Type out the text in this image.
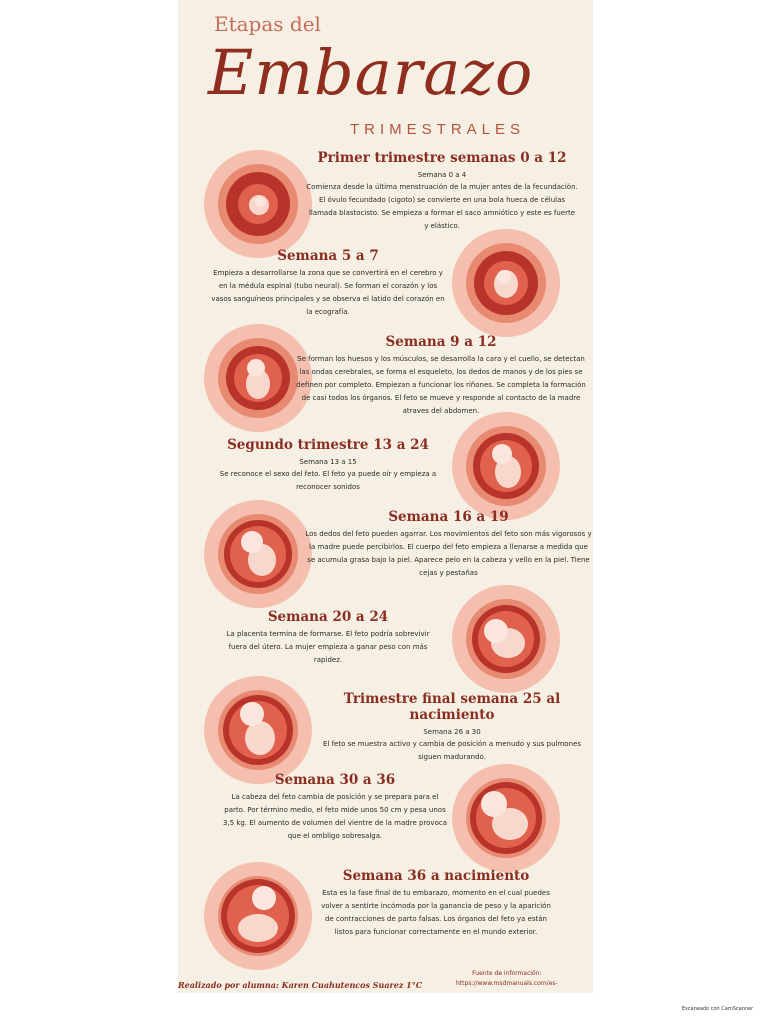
Etapas del
Embarazo
TRIMESTRALES
Primer trimestre semanas 0 a 12
Semana 0 a 4

Comienza desde la última menstruación de la mujer antes de la fecundación. El óvulo fecundado (cigoto) se convierte en una bola hueca de células llamada blastocisto. Se empieza a formar el saco amniótico y este es fuerte y elástico.

Semana 5 a 7

Empieza a desarrollarse la zona que se convertirá en el cerebro y en la médula espinal (tubo neural). Se forman el corazón y los vasos sanguíneos principales y se observa el latido del corazón en la ecografía.

Semana 9 a 12

Se forman los huesos y los músculos, se desarrolla la cara y el cuello, se detectan las ondas cerebrales, se forma el esqueleto, los dedos de manos y de los pies se definen por completo. Empiezan a funcionar los riñones. Se completa la formación de casi todos los órganos. El feto se mueve y responde al contacto de la madre atraves del abdomen.

Segundo trimestre 13 a 24
Semana 13 a 15

Se reconoce el sexo del feto. El feto ya puede oír y empieza a reconocer sonidos

Semana 16 a 19

Los dedos del feto pueden agarrar. Los movimientos del feto son más vigorosos y la madre puede percibirlos. El cuerpo del feto empieza a llenarse a medida que se acumula grasa bajo la piel. Aparece pelo en la cabeza y vello en la piel. Tiene cejas y pestañas

Semana 20 a 24

La placenta termina de formarse. El feto podría sobrevivir fuera del útero. La mujer empieza a ganar peso con más rapidez.

Trimestre final semana 25 al nacimiento
Semana 26 a 30

El feto se muestra activo y cambia de posición a menudo y sus pulmones siguen madurando.

Semana 30 a 36

La cabeza del feto cambia de posición y se prepara para el parto. Por término medio, el feto mide unos 50 cm y pesa unos 3,5 kg. El aumento de volumen del vientre de la madre provoca que el ombligo sobresalga.

Semana 36 a nacimiento

Esta es la fase final de tu embarazo, momento en el cual puedes volver a sentirte incómoda por la ganancia de peso y la aparición de contracciones de parto falsas. Los órganos del feto ya están listos para funcionar correctamente en el mundo exterior.

Realizado por alumna: Karen Cuahutencos Suarez 1°C
Fuente de información:
https://www.msdmanuals.com/es-
Escaneado con CamScanner
